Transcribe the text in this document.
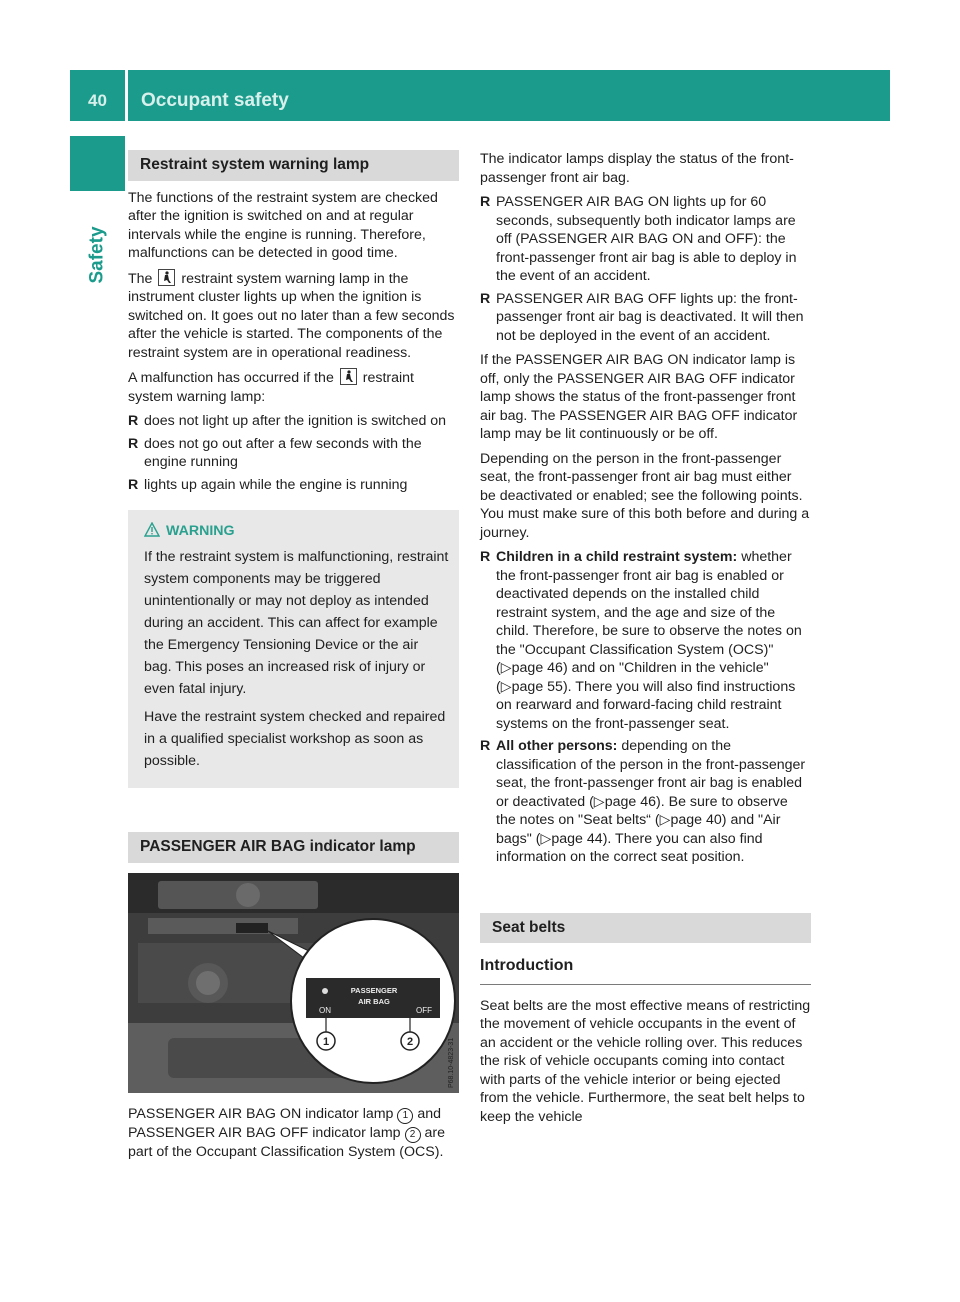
40	Occupant safety
Safety
Restraint system warning lamp

The functions of the restraint system are checked after the ignition is switched on and at regular intervals while the engine is running. Therefore, malfunctions can be detected in good time.

The restraint system warning lamp in the instrument cluster lights up when the ignition is switched on. It goes out no later than a few seconds after the vehicle is started. The components of the restraint system are in operational readiness.

A malfunction has occurred if the restraint system warning lamp:

R does not light up after the ignition is switched on
R does not go out after a few seconds with the engine running
R lights up again while the engine is running
WARNING

If the restraint system is malfunctioning, restraint system components may be triggered unintentionally or may not deploy as intended during an accident. This can affect for example the Emergency Tensioning Device or the air bag. This poses an increased risk of injury or even fatal injury.

Have the restraint system checked and repaired in a qualified specialist workshop as soon as possible.

PASSENGER AIR BAG indicator lamp
ON
PASSENGER
AIR BAG
OFF
1	2	P68.10-4823-31

PASSENGER AIR BAG ON indicator lamp 1 and PASSENGER AIR BAG OFF indicator lamp 2 are part of the Occupant Classification System (OCS).

The indicator lamps display the status of the front-passenger front air bag.

R PASSENGER AIR BAG ON lights up for 60 seconds, subsequently both indicator lamps are off (PASSENGER AIR BAG ON and OFF): the front-passenger front air bag is able to deploy in the event of an accident.
R PASSENGER AIR BAG OFF lights up: the front-passenger front air bag is deactivated. It will then not be deployed in the event of an accident.

If the PASSENGER AIR BAG ON indicator lamp is off, only the PASSENGER AIR BAG OFF indicator lamp shows the status of the front-passenger front air bag. The PASSENGER AIR BAG OFF indicator lamp may be lit continuously or be off.

Depending on the person in the front-passenger seat, the front-passenger front air bag must either be deactivated or enabled; see the following points. You must make sure of this both before and during a journey.

R Children in a child restraint system: whether the front-passenger front air bag is enabled or deactivated depends on the installed child restraint system, and the age and size of the child. Therefore, be sure to observe the notes on the "Occupant Classification System (OCS)" (▷page 46) and on "Children in the vehicle" (▷page 55). There you will also find instructions on rearward and forward-facing child restraint systems on the front-passenger seat.
R All other persons: depending on the classification of the person in the front-passenger seat, the front-passenger front air bag is enabled or deactivated (▷page 46). Be sure to observe the notes on "Seat belts“ (▷page 40) and "Air bags" (▷page 44). There you can also find information on the correct seat position.
Seat belts
Introduction

Seat belts are the most effective means of restricting the movement of vehicle occupants in the event of an accident or the vehicle rolling over. This reduces the risk of vehicle occupants coming into contact with parts of the vehicle interior or being ejected from the vehicle. Furthermore, the seat belt helps to keep the vehicle
